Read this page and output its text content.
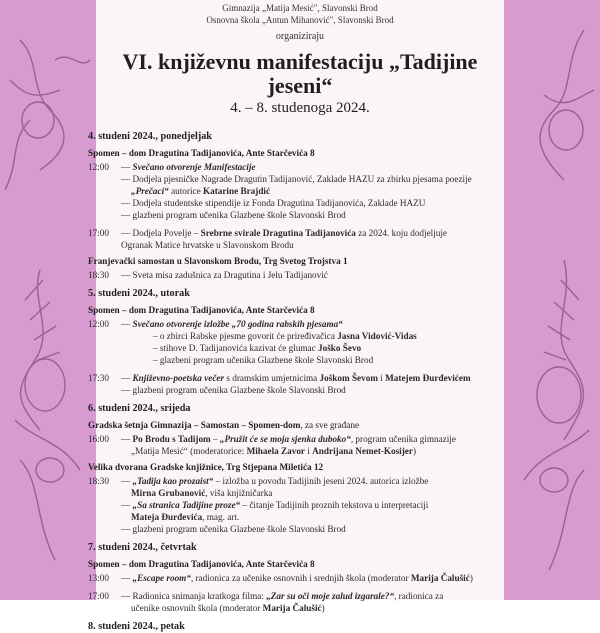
Gimnazija „Matija Mesić", Slavonski Brod
Osnovna škola „Antun Mihanović", Slavonski Brod
organiziraju
VI. književnu manifestaciju „Tadijine jeseni“
4. – 8. studenoga 2024.
4. studeni 2024., ponedjeljak
Spomen – dom Dragutina Tadijanovića, Ante Starčevića 8
12:00	— Svečano otvorenje Manifestacije
— Dodjela pjesničke Nagrade Dragutin Tadijanović, Zaklade HAZU za zbirku pjesama poezije
„Prečaci“ autorice Katarine Brajdić
— Dodjela studentske stipendije iz Fonda Dragutina Tadijanovića, Zaklade HAZU
— glazbeni program učenika Glazbene škole Slavonski Brod
17:00	— Dodjela Povelje – Srebrne svirale Dragutina Tadijanovića za 2024. koju dodjeljuje
Ogranak Matice hrvatske u Slavonskom Brodu
Franjevački samostan u Slavonskom Brodu, Trg Svetog Trojstva 1
18:30	— Sveta misa zadušnica za Dragutina i Jelu Tadijanović
5. studeni 2024., utorak
Spomen – dom Dragutina Tadijanovića, Ante Starčevića 8
12:00	— Svečano otvorenje izložbe „70 godina rabskih pjesama“
– o zbirci Rabske pjesme govorit će priređivačica Jasna Vidović-Vidas
– stihove D. Tadijanovića kazivat će glumac Joško Ševo
– glazbeni program učenika Glazbene škole Slavonski Brod
17:30	— Književno-poetska večer s dramskim umjetnicima Joškom Ševom i Matejem Đurđevićem
— glazbeni program učenika Glazbene škole Slavonski Brod
6. studeni 2024., srijeda
Gradska šetnja Gimnazija – Samostan – Spomen-dom, za sve građane
16:00	— Po Brodu s Tadijom – „Pružit će se moja sjenka duboko“, program učenika gimnazije
„Matija Mesić“ (moderatorice: Mihaela Zavor i Andrijana Nemet-Kosijer)
Velika dvorana Gradske knjižnice, Trg Stjepana Miletića 12
18:30	— „Tadija kao prozaist“ – izložba u povodu Tadijinih jeseni 2024. autorica izložbe
Mirna Grubanović, viša knjižničarka
— „Sa stranica Tadijine proze“ – čitanje Tadijinih proznih tekstova u interpretaciji
Mateja Đurđevića, mag. art.
— glazbeni program učenika Glazbene škole Slavonski Brod
7. studeni 2024., četvrtak
Spomen – dom Dragutina Tadijanovića, Ante Starčevića 8
13:00	— „Escape room“, radionica za učenike osnovnih i srednjih škola (moderator Marija Čalušić)
17:00	— Radionica snimanja kratkoga filma: „Zar su oči moje zalud izgarale?“, radionica za
učenike osnovnih škola (moderator Marija Čalušić)
8. studeni 2024., petak
